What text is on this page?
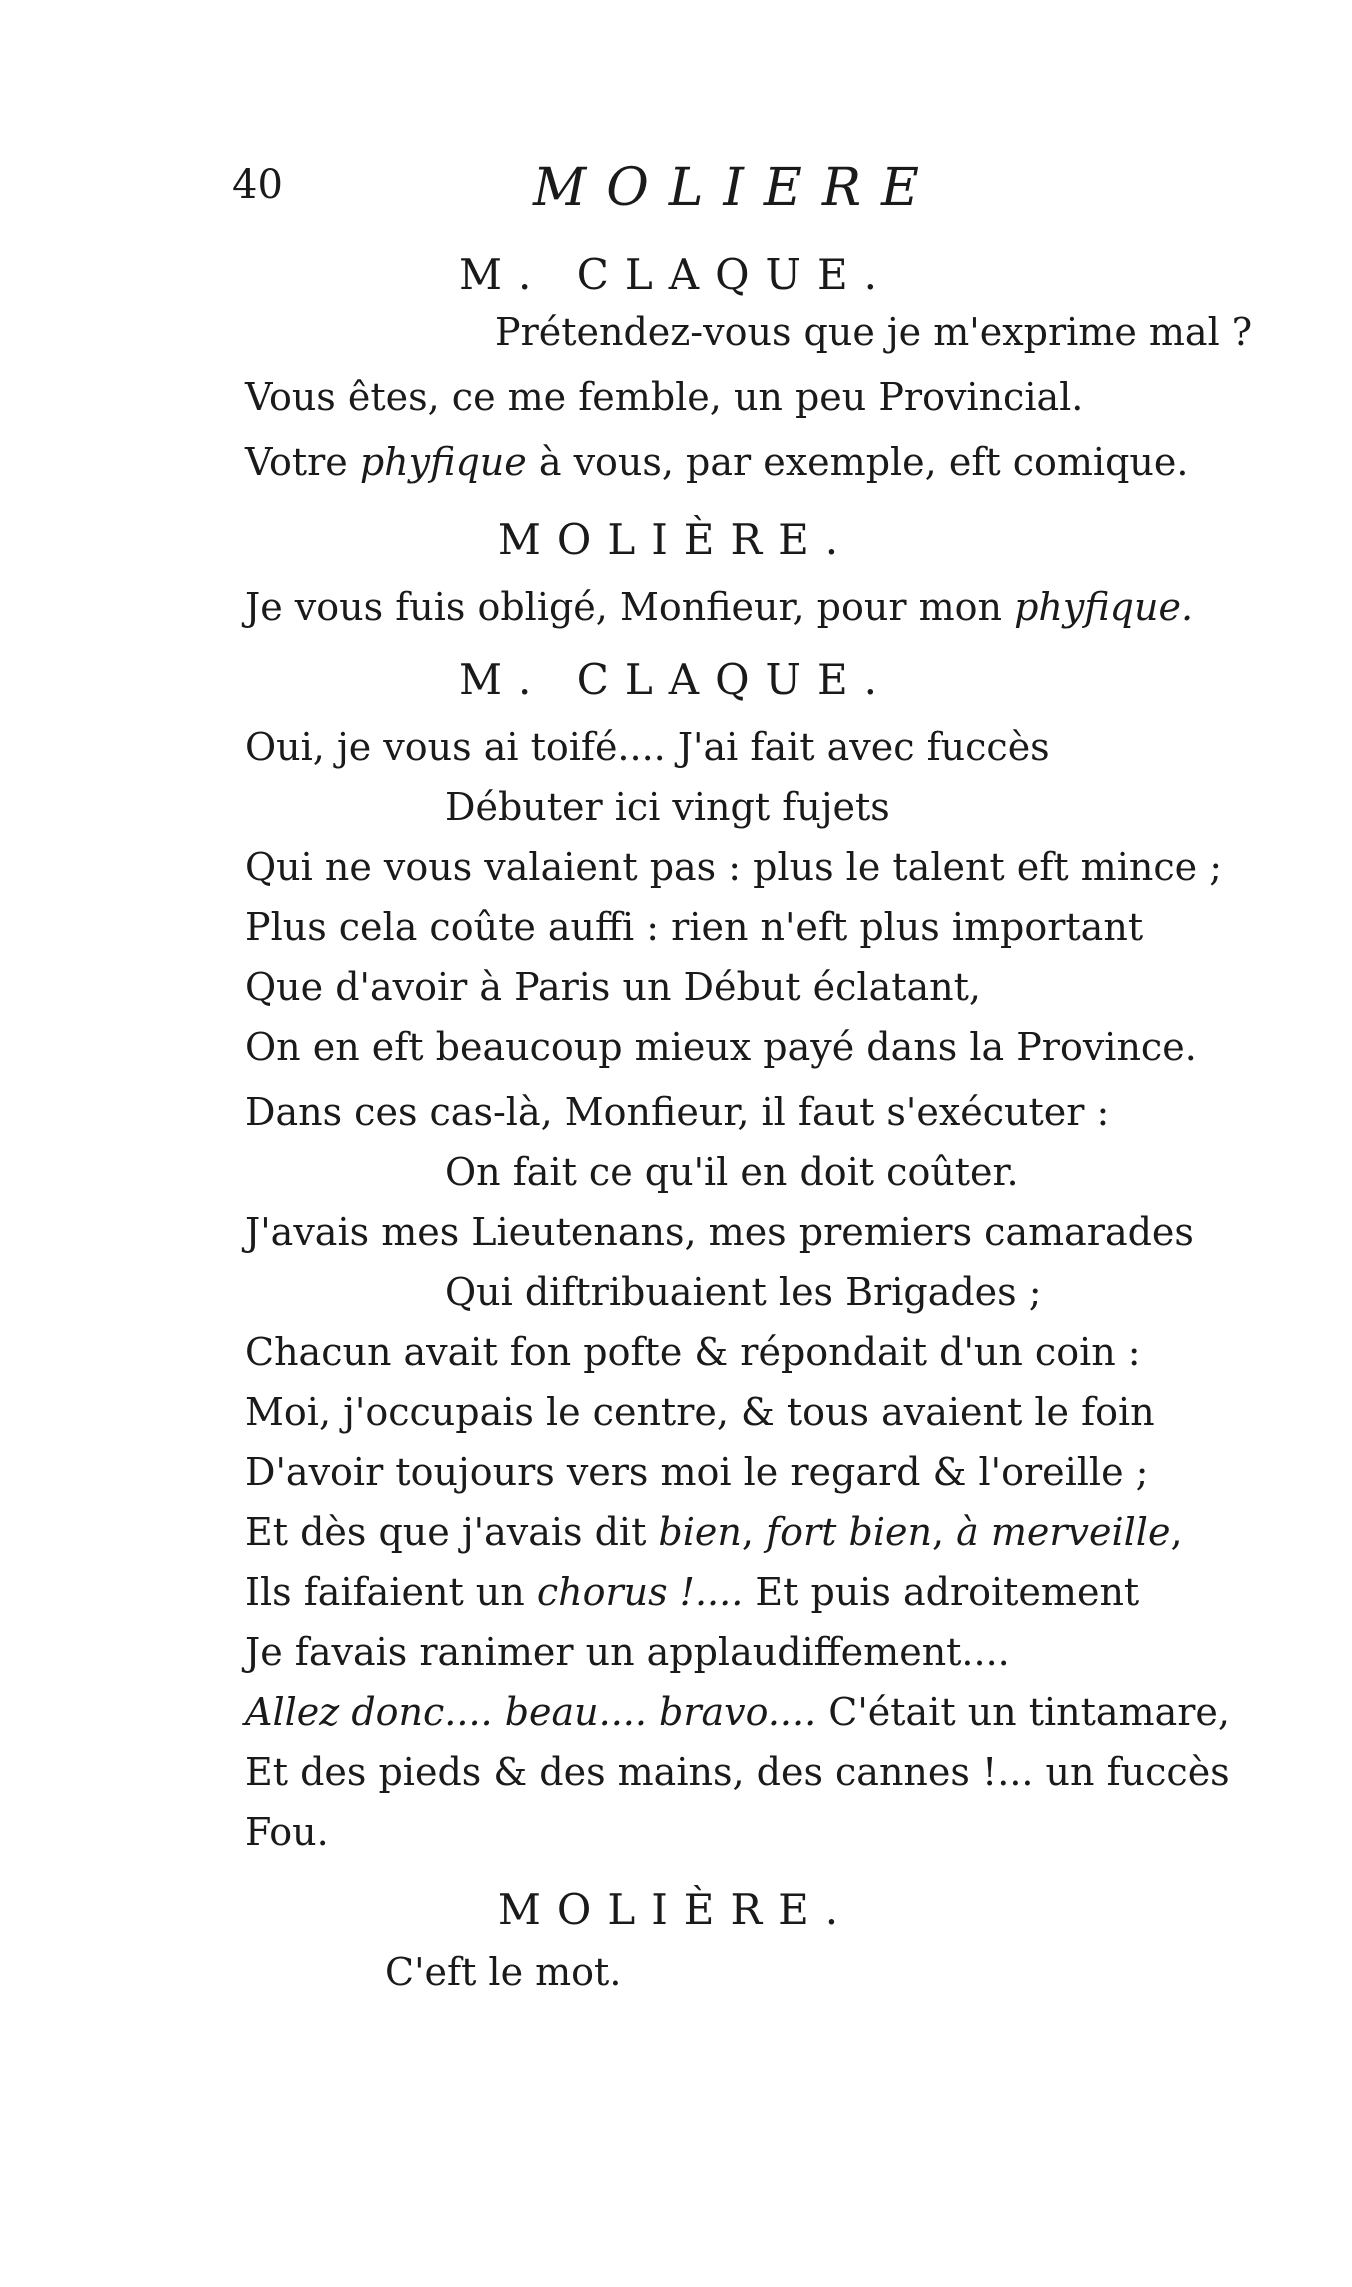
40	MOLIERE
M. CLAQUE.
Prétendez-vous que je m'exprime mal ?
Vous êtes, ce me femble, un peu Provincial.
Votre phyfique à vous, par exemple, eft comique.
MOLIÈRE.
Je vous fuis obligé, Monfieur, pour mon phyfique.
M. CLAQUE.
Oui, je vous ai toifé.... J'ai fait avec fuccès
Débuter ici vingt fujets
Qui ne vous valaient pas : plus le talent eft mince ;
Plus cela coûte auffi : rien n'eft plus important
Que d'avoir à Paris un Début éclatant,
On en eft beaucoup mieux payé dans la Province.
Dans ces cas-là, Monfieur, il faut s'exécuter :
On fait ce qu'il en doit coûter.
J'avais mes Lieutenans, mes premiers camarades
Qui diftribuaient les Brigades ;
Chacun avait fon pofte & répondait d'un coin :
Moi, j'occupais le centre, & tous avaient le foin
D'avoir toujours vers moi le regard & l'oreille ;
Et dès que j'avais dit bien, fort bien, à merveille,
Ils faifaient un chorus !.... Et puis adroitement
Je favais ranimer un applaudiffement....
Allez donc.... beau.... bravo.... C'était un tintamare,
Et des pieds & des mains, des cannes !... un fuccès
Fou.
MOLIÈRE.
C'eft le mot.
